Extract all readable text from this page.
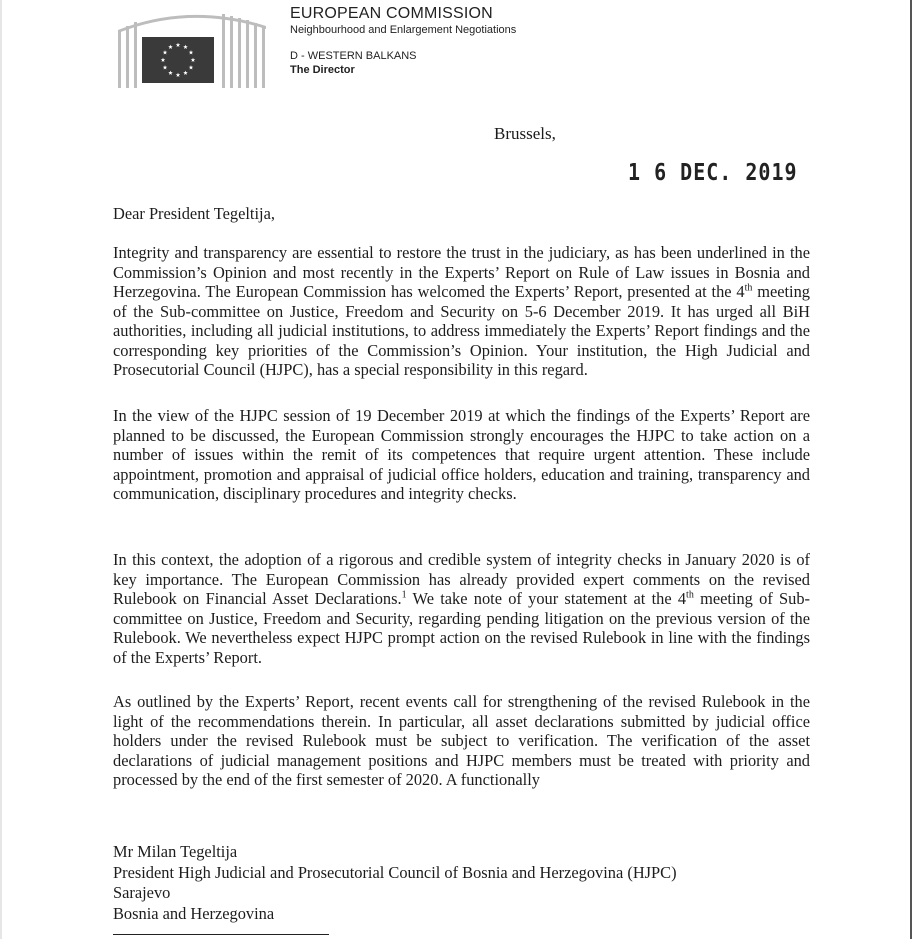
EUROPEAN COMMISSION
Neighbourhood and Enlargement Negotiations
D - WESTERN BALKANS
The Director
Brussels,
1 6 DEC. 2019
Dear President Tegeltija,

Integrity and transparency are essential to restore the trust in the judiciary, as has been underlined in the Commission’s Opinion and most recently in the Experts’ Report on Rule of Law issues in Bosnia and Herzegovina. The European Commission has welcomed the Experts’ Report, presented at the 4th meeting of the Sub-committee on Justice, Freedom and Security on 5-6 December 2019. It has urged all BiH authorities, including all judicial institutions, to address immediately the Experts’ Report findings and the corresponding key priorities of the Commission’s Opinion. Your institution, the High Judicial and Prosecutorial Council (HJPC), has a special responsibility in this regard.

In the view of the HJPC session of 19 December 2019 at which the findings of the Experts’ Report are planned to be discussed, the European Commission strongly encourages the HJPC to take action on a number of issues within the remit of its competences that require urgent attention. These include appointment, promotion and appraisal of judicial office holders, education and training, transparency and communication, disciplinary procedures and integrity checks.

In this context, the adoption of a rigorous and credible system of integrity checks in January 2020 is of key importance. The European Commission has already provided expert comments on the revised Rulebook on Financial Asset Declarations.$^1$ We take note of your statement at the 4th meeting of Sub-committee on Justice, Freedom and Security, regarding pending litigation on the previous version of the Rulebook. We nevertheless expect HJPC prompt action on the revised Rulebook in line with the findings of the Experts’ Report.

As outlined by the Experts’ Report, recent events call for strengthening of the revised Rulebook in the light of the recommendations therein. In particular, all asset declarations submitted by judicial office holders under the revised Rulebook must be subject to verification. The verification of the asset declarations of judicial management positions and HJPC members must be treated with priority and processed by the end of the first semester of 2020. A functionally

Mr Milan Tegeltija
President High Judicial and Prosecutorial Council of Bosnia and Herzegovina (HJPC)
Sarajevo
Bosnia and Herzegovina
